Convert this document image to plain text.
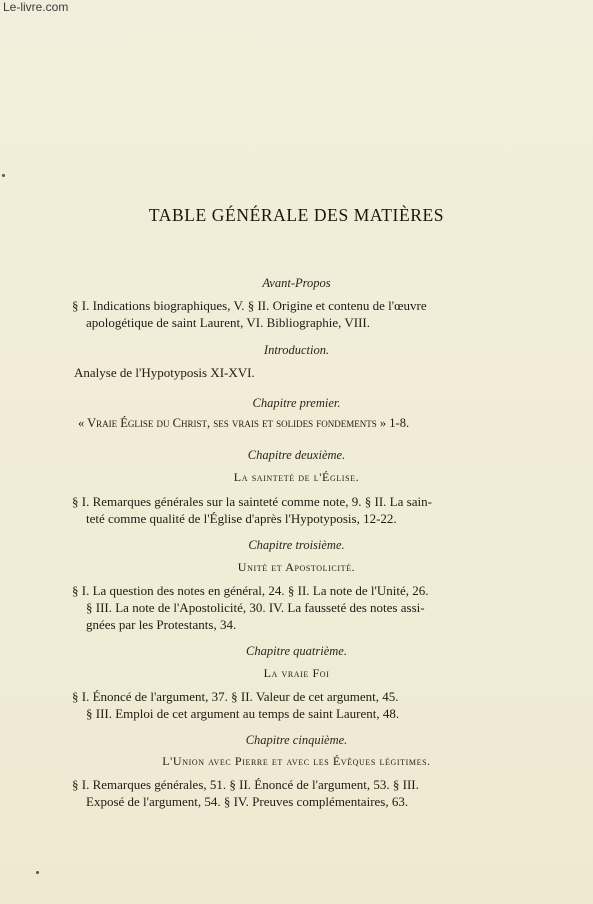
Le-livre.com
TABLE GÉNÉRALE DES MATIÈRES
Avant-Propos
§ I. Indications biographiques, V. § II. Origine et contenu de l'œuvre
apologétique de saint Laurent, VI. Bibliographie, VIII.
Introduction.
Analyse de l'Hypotyposis XI-XVI.
Chapitre premier.
« Vraie Église du Christ, ses vrais et solides fondements » 1-8.
Chapitre deuxième.
La sainteté de l'Église.
§ I. Remarques générales sur la sainteté comme note, 9. § II. La sain-
teté comme qualité de l'Église d'après l'Hypotyposis, 12-22.
Chapitre troisième.
Unité et Apostolicité.
§ I. La question des notes en général, 24. § II. La note de l'Unité, 26.
§ III. La note de l'Apostolicité, 30. IV. La fausseté des notes assi-
gnées par les Protestants, 34.
Chapitre quatrième.
La vraie Foi
§ I. Énoncé de l'argument, 37. § II. Valeur de cet argument, 45.
§ III. Emploi de cet argument au temps de saint Laurent, 48.
Chapitre cinquième.
L'Union avec Pierre et avec les Évêques légitimes.
§ I. Remarques générales, 51. § II. Énoncé de l'argument, 53. § III.
Exposé de l'argument, 54. § IV. Preuves complémentaires, 63.
